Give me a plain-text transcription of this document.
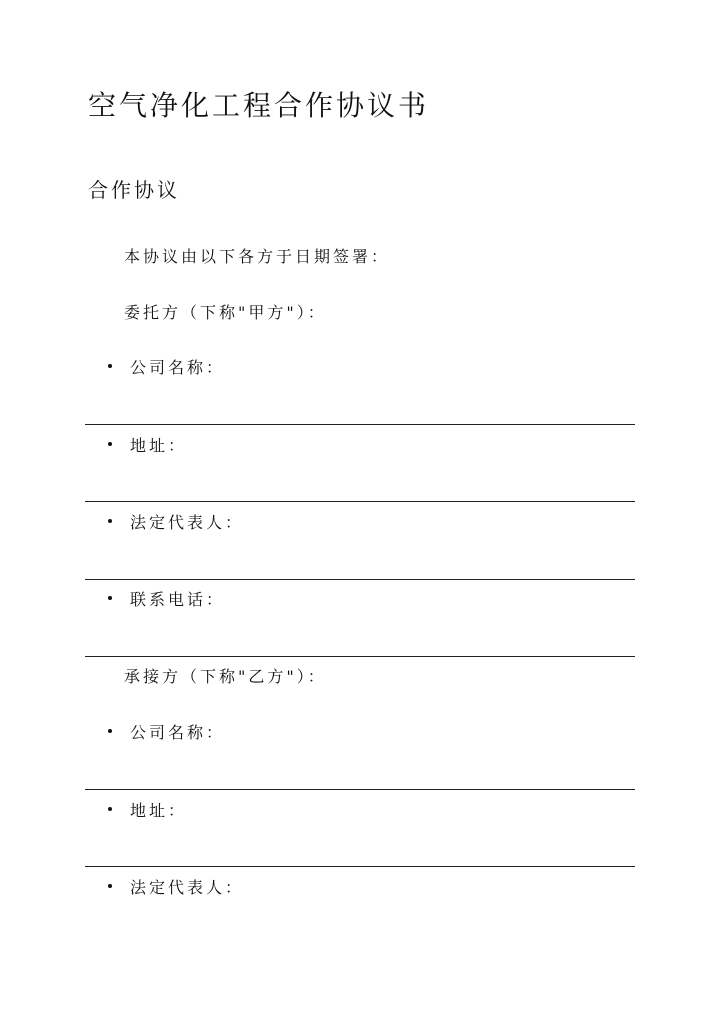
空气净化工程合作协议书
合作协议

本协议由以下各方于日期签署：

委托方（下称"甲方"）：

公司名称：
地址：
法定代表人：
联系电话：

承接方（下称"乙方"）：

公司名称：
地址：
法定代表人：
